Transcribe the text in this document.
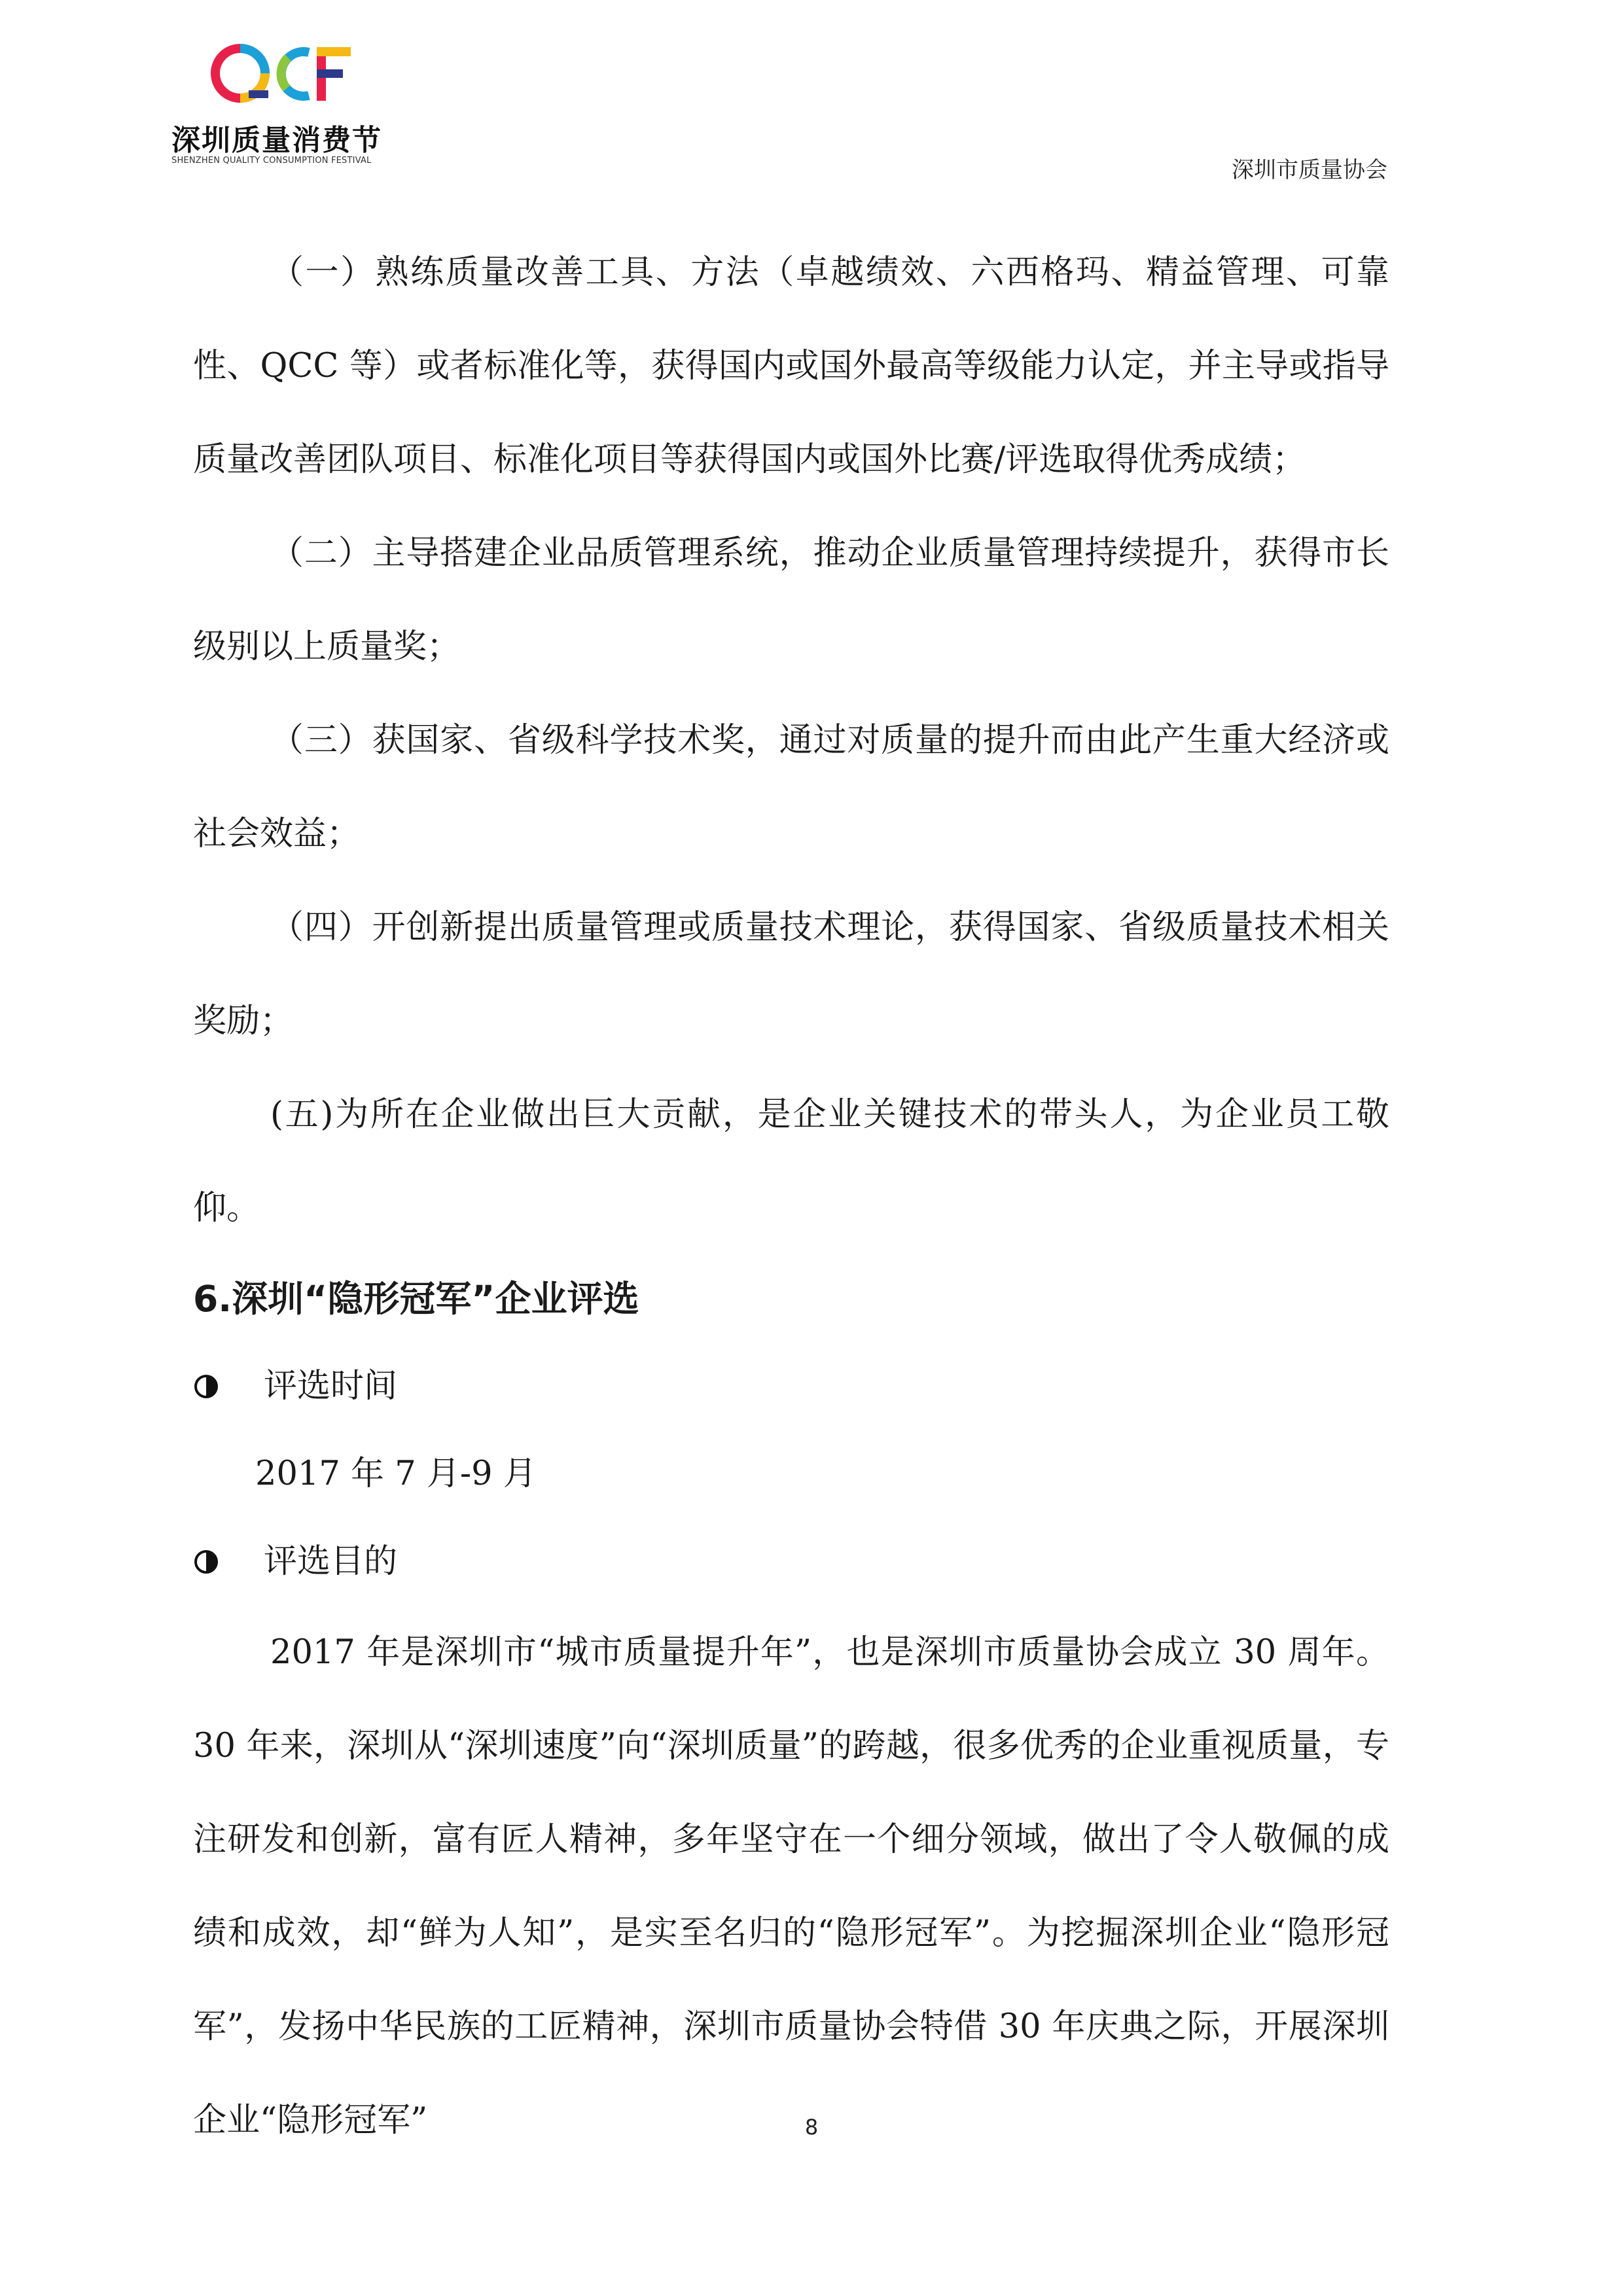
深圳质量消费节
SHENZHEN QUALITY CONSUMPTION FESTIVAL	深圳市质量协会

（一）熟练质量改善工具、方法（卓越绩效、六西格玛、精益管理、可靠性、QCC 等）或者标准化等，获得国内或国外最高等级能力认定，并主导或指导质量改善团队项目、标准化项目等获得国内或国外比赛/评选取得优秀成绩；

（二）主导搭建企业品质管理系统，推动企业质量管理持续提升，获得市长级别以上质量奖；

（三）获国家、省级科学技术奖，通过对质量的提升而由此产生重大经济或社会效益；

（四）开创新提出质量管理或质量技术理论，获得国家、省级质量技术相关奖励；

(五)为所在企业做出巨大贡献，是企业关键技术的带头人，为企业员工敬仰。

6.深圳“隐形冠军”企业评选
评选时间
2017 年 7 月-9 月
评选目的

2017 年是深圳市“城市质量提升年”，也是深圳市质量协会成立 30 周年。30 年来，深圳从“深圳速度”向“深圳质量”的跨越，很多优秀的企业重视质量，专注研发和创新，富有匠人精神，多年坚守在一个细分领域，做出了令人敬佩的成绩和成效，却“鲜为人知”，是实至名归的“隐形冠军”。为挖掘深圳企业“隐形冠军”，发扬中华民族的工匠精神，深圳市质量协会特借 30 年庆典之际，开展深圳企业“隐形冠军”	8
